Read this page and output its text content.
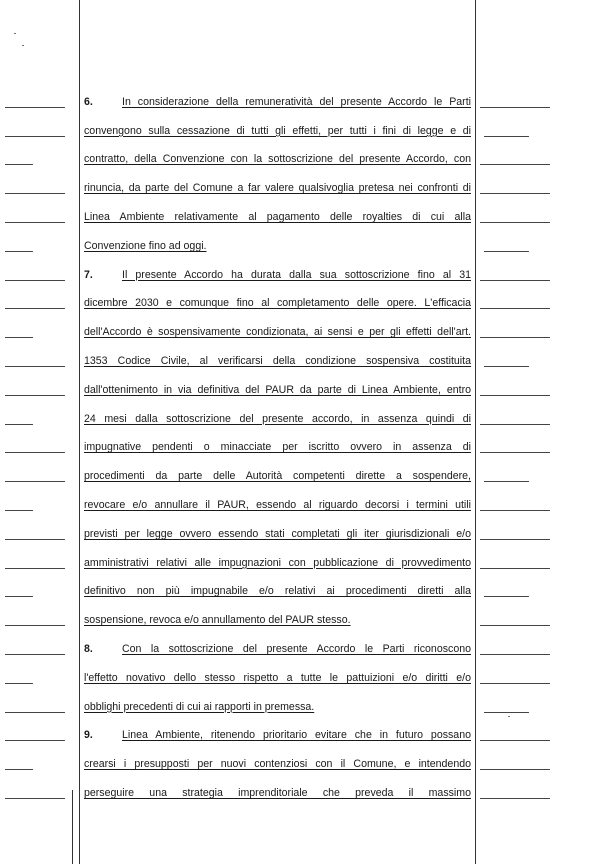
6.	In considerazione della remuneratività del presente Accordo le Parti
convengono sulla cessazione di tutti gli effetti, per tutti i fini di legge e di
contratto, della Convenzione con la sottoscrizione del presente Accordo, con
rinuncia, da parte del Comune a far valere qualsivoglia pretesa nei confronti di
Linea Ambiente relativamente al pagamento delle royalties di cui alla
Convenzione fino ad oggi.
7.	Il presente Accordo ha durata dalla sua sottoscrizione fino al 31
dicembre 2030 e comunque fino al completamento delle opere. L'efficacia
dell'Accordo è sospensivamente condizionata, ai sensi e per gli effetti dell'art.
1353 Codice Civile, al verificarsi della condizione sospensiva costituita
dall'ottenimento in via definitiva del PAUR da parte di Linea Ambiente, entro
24 mesi dalla sottoscrizione del presente accordo, in assenza quindi di
impugnative pendenti o minacciate per iscritto ovvero in assenza di
procedimenti da parte delle Autorità competenti dirette a sospendere,
revocare e/o annullare il PAUR, essendo al riguardo decorsi i termini utili
previsti per legge ovvero essendo stati completati gli iter giurisdizionali e/o
amministrativi relativi alle impugnazioni con pubblicazione di provvedimento
definitivo non più impugnabile e/o relativi ai procedimenti diretti alla
sospensione, revoca e/o annullamento del PAUR stesso.
8.	Con la sottoscrizione del presente Accordo le Parti riconoscono
l'effetto novativo dello stesso rispetto a tutte le pattuizioni e/o diritti e/o
obblighi precedenti di cui ai rapporti in premessa.
9.	Linea Ambiente, ritenendo prioritario evitare che in futuro possano
crearsi i presupposti per nuovi contenziosi con il Comune, e intendendo
perseguire una strategia imprenditoriale che preveda il massimo
